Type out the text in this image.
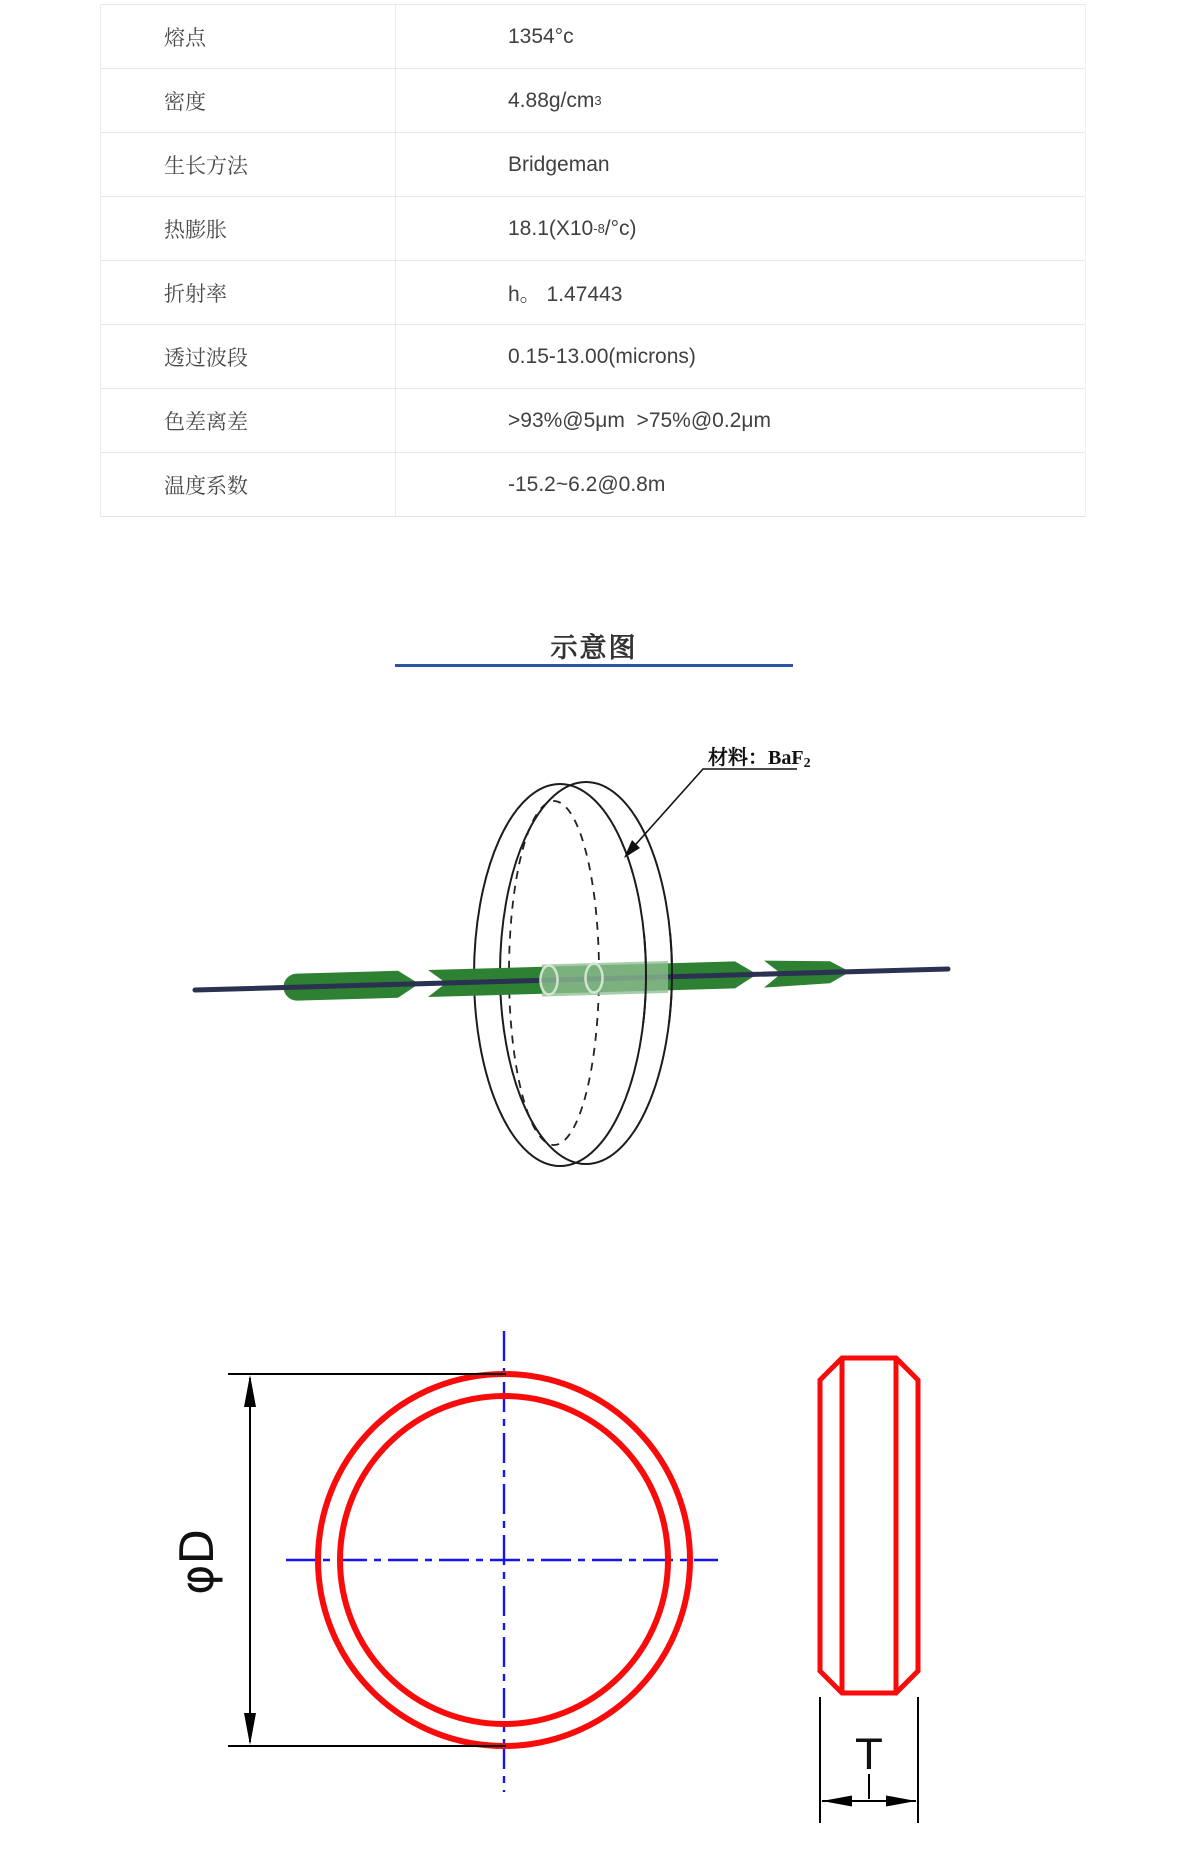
熔点	1354°c
密度	4.88g/cm 3
生长方法	Bridgeman
热膨胀	18.1(X10 -8 /°c)
折射率	h。 1.47443
透过波段	0.15-13.00(microns)
色差离差	>93%@5μm  >75%@0.2μm
温度系数	-15.2~6.2@0.8m
示意图
材料：BaF2
φD
T
